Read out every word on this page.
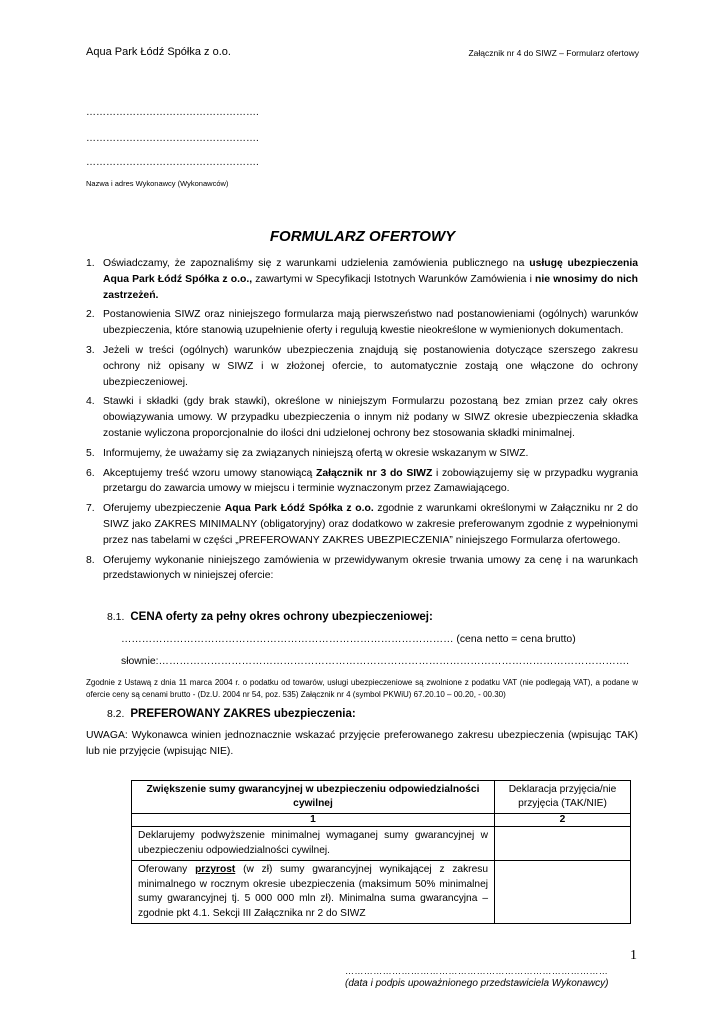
Aqua Park Łódź Spółka z o.o.	Załącznik nr 4 do SIWZ – Formularz ofertowy
…………………………………………….
…………………………………………….
…………………………………………….
Nazwa i adres Wykonawcy (Wykonawców)
FORMULARZ OFERTOWY
1. Oświadczamy, że zapoznaliśmy się z warunkami udzielenia zamówienia publicznego na usługę ubezpieczenia Aqua Park Łódź Spółka z o.o., zawartymi w Specyfikacji Istotnych Warunków Zamówienia i nie wnosimy do nich zastrzeżeń.
2. Postanowienia SIWZ oraz niniejszego formularza mają pierwszeństwo nad postanowieniami (ogólnych) warunków ubezpieczenia, które stanowią uzupełnienie oferty i regulują kwestie nieokreślone w wymienionych dokumentach.
3. Jeżeli w treści (ogólnych) warunków ubezpieczenia znajdują się postanowienia dotyczące szerszego zakresu ochrony niż opisany w SIWZ i w złożonej ofercie, to automatycznie zostają one włączone do ochrony ubezpieczeniowej.
4. Stawki i składki (gdy brak stawki), określone w niniejszym Formularzu pozostaną bez zmian przez cały okres obowiązywania umowy. W przypadku ubezpieczenia o innym niż podany w SIWZ okresie ubezpieczenia składka zostanie wyliczona proporcjonalnie do ilości dni udzielonej ochrony bez stosowania składki minimalnej.
5. Informujemy, że uważamy się za związanych niniejszą ofertą w okresie wskazanym w SIWZ.
6. Akceptujemy treść wzoru umowy stanowiącą Załącznik nr 3 do SIWZ i zobowiązujemy się w przypadku wygrania przetargu do zawarcia umowy w miejscu i terminie wyznaczonym przez Zamawiającego.
7. Oferujemy ubezpieczenie Aqua Park Łódź Spółka z o.o. zgodnie z warunkami określonymi w Załączniku nr 2 do SIWZ jako ZAKRES MINIMALNY (obligatoryjny) oraz dodatkowo w zakresie preferowanym zgodnie z wypełnionymi przez nas tabelami w części „PREFEROWANY ZAKRES UBEZPIECZENIA” niniejszego Formularza ofertowego.
8. Oferujemy wykonanie niniejszego zamówienia w przewidywanym okresie trwania umowy za cenę i na warunkach przedstawionych w niniejszej ofercie:
8.1. CENA oferty za pełny okres ochrony ubezpieczeniowej:
…………………………………………………………………………………… (cena netto = cena brutto)
słownie:……………………………………………………………………………………………………………………….
Zgodnie z Ustawą z dnia 11 marca 2004 r. o podatku od towarów, usługi ubezpieczeniowe są zwolnione z podatku VAT (nie podlegają VAT), a podane w ofercie ceny są cenami brutto - (Dz.U. 2004 nr 54, poz. 535) Załącznik nr 4 (symbol PKWiU) 67.20.10 – 00.20, - 00.30)
8.2. PREFEROWANY ZAKRES ubezpieczenia:
UWAGA: Wykonawca winien jednoznacznie wskazać przyjęcie preferowanego zakresu ubezpieczenia (wpisując TAK) lub nie przyjęcie (wpisując NIE).
Zwiększenie sumy gwarancyjnej w ubezpieczeniu odpowiedzialności cywilnej	Deklaracja przyjęcia/nie przyjęcia (TAK/NIE)
1	2
Deklarujemy podwyższenie minimalnej wymaganej sumy gwarancyjnej w ubezpieczeniu odpowiedzialności cywilnej.	
Oferowany przyrost (w zł) sumy gwarancyjnej wynikającej z zakresu minimalnego w rocznym okresie ubezpieczenia (maksimum 50% minimalnej sumy gwarancyjnej tj. 5 000 000 mln zł). Minimalna suma gwarancyjna – zgodnie pkt 4.1. Sekcji III Załącznika nr 2 do SIWZ	
1
…………………………………………………………………………
(data i podpis upoważnionego przedstawiciela Wykonawcy)
